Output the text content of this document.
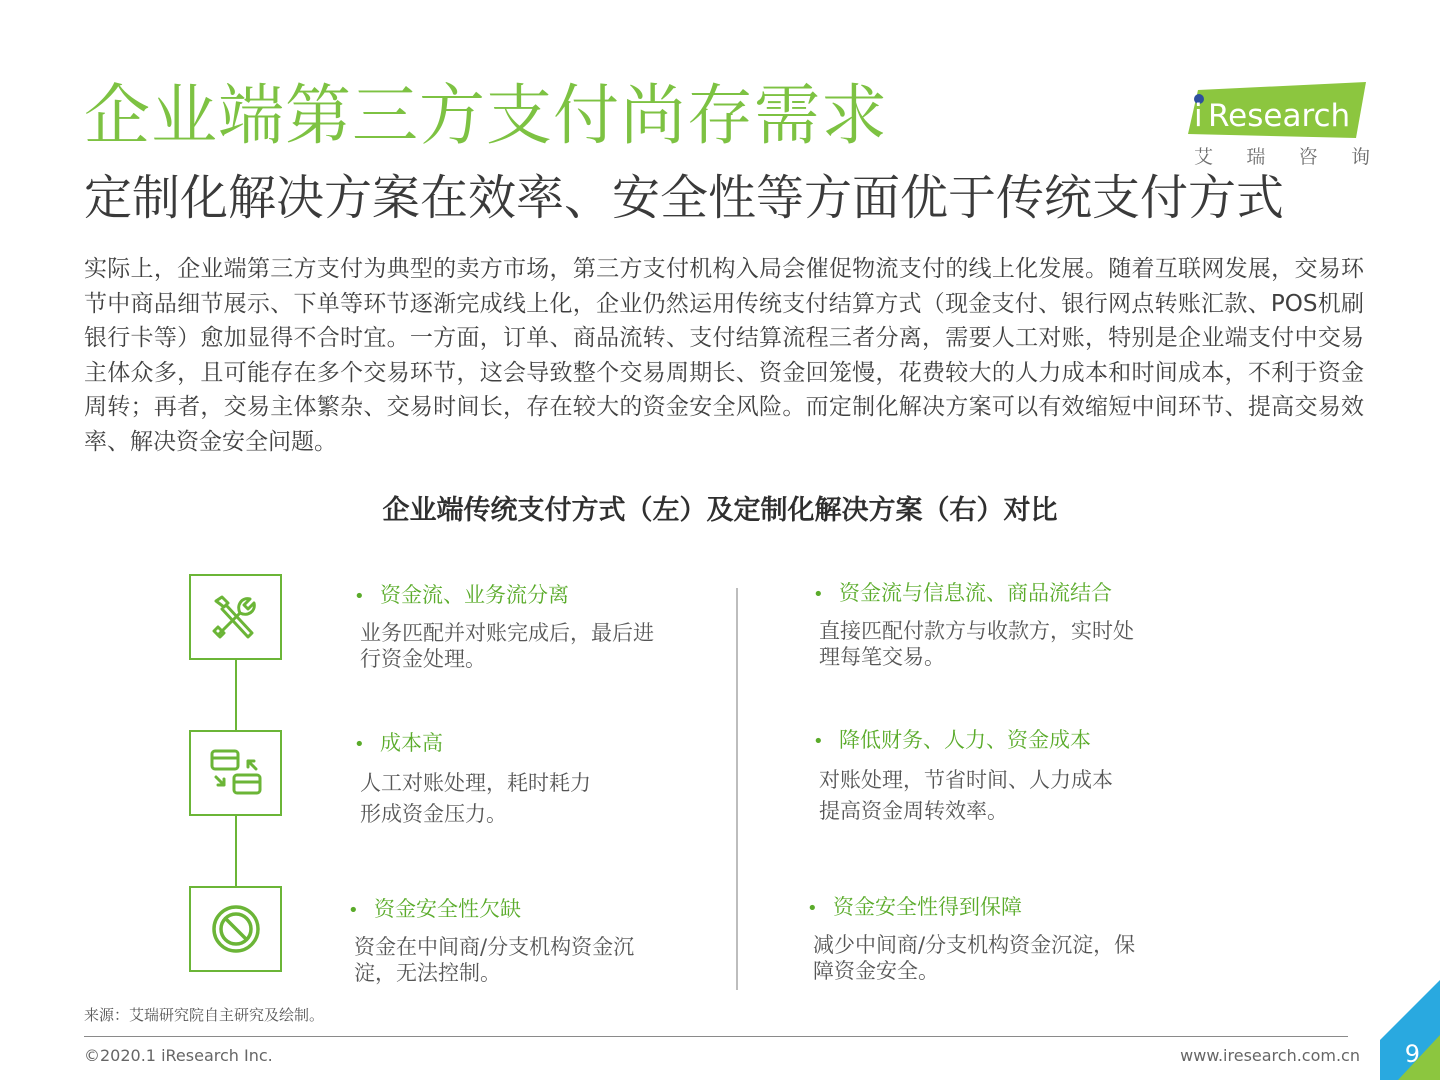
企业端第三方支付尚存需求
定制化解决方案在效率、安全性等方面优于传统支付方式
i Research
艾 瑞 咨 询

实际上，企业端第三方支付为典型的卖方市场，第三方支付机构入局会催促物流支付的线上化发展。随着互联网发展，交易环节中商品细节展示、下单等环节逐渐完成线上化，企业仍然运用传统支付结算方式（现金支付、银行网点转账汇款、POS机刷银行卡等）愈加显得不合时宜。一方面，订单、商品流转、支付结算流程三者分离，需要人工对账，特别是企业端支付中交易主体众多，且可能存在多个交易环节，这会导致整个交易周期长、资金回笼慢，花费较大的人力成本和时间成本，不利于资金周转；再者，交易主体繁杂、交易时间长，存在较大的资金安全风险。而定制化解决方案可以有效缩短中间环节、提高交易效率、解决资金安全问题。

企业端传统支付方式（左）及定制化解决方案（右）对比
• 资金流、业务流分离
业务匹配并对账完成后，最后进
行资金处理。
• 成本高
人工对账处理，耗时耗力
形成资金压力。
• 资金安全性欠缺
资金在中间商/分支机构资金沉
淀，无法控制。
• 资金流与信息流、商品流结合
直接匹配付款方与收款方，实时处
理每笔交易。
• 降低财务、人力、资金成本
对账处理，节省时间、人力成本
提高资金周转效率。
• 资金安全性得到保障
减少中间商/分支机构资金沉淀，保
障资金安全。
来源：艾瑞研究院自主研究及绘制。
©2020.1 iResearch Inc.	www.iresearch.com.cn 9
